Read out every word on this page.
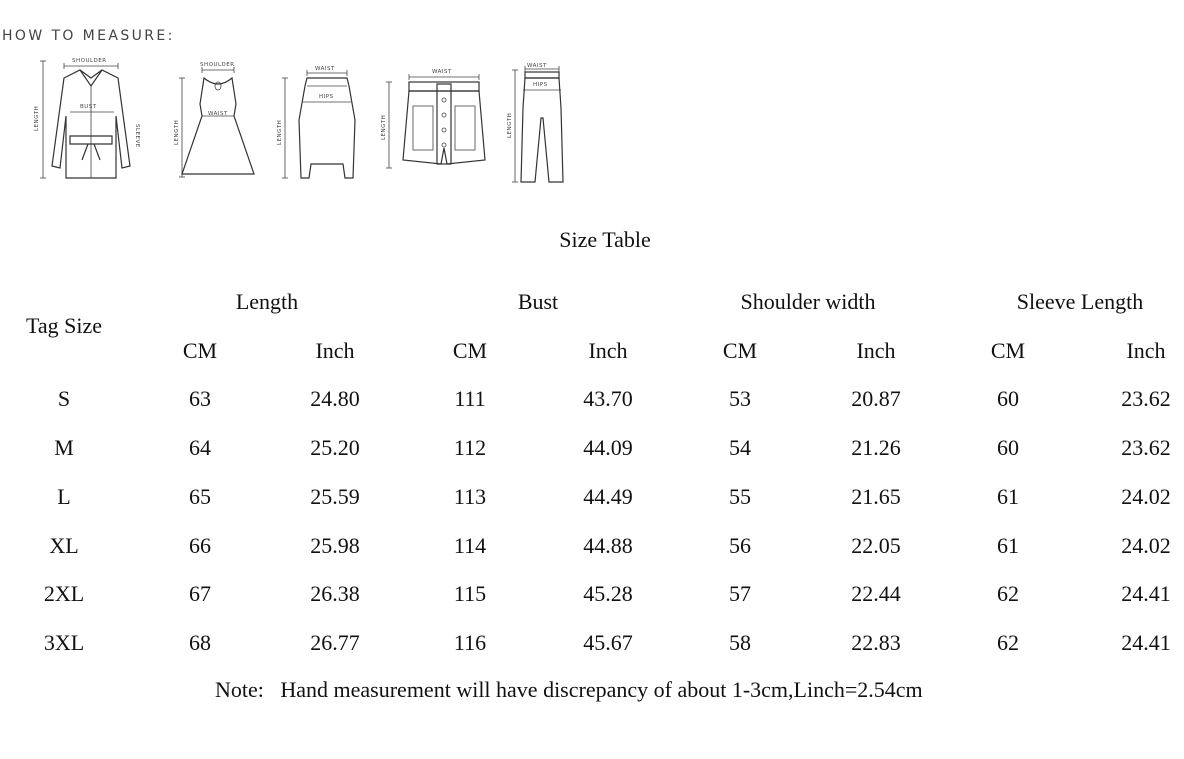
HOW TO MEASURE:
SHOULDER
LENGTH	BUST
SLEEVE
SHOULDER
LENGTH
WAIST
WAIST
LENGTH
HIPS
WAIST
LENGTH
WAIST
LENGTH
HIPS
Size Table
Tag Size
Length	Bust	Shoulder width	Sleeve Length
CM	Inch	CM	Inch	CM	Inch	CM	Inch
S	63	24.80	111	43.70	53	20.87	60	23.62
M	64	25.20	112	44.09	54	21.26	60	23.62
L	65	25.59	113	44.49	55	21.65	61	24.02
XL	66	25.98	114	44.88	56	22.05	61	24.02
2XL	67	26.38	115	45.28	57	22.44	62	24.41
3XL	68	26.77	116	45.67	58	22.83	62	24.41
Note:   Hand measurement will have discrepancy of about 1-3cm,Linch=2.54cm
